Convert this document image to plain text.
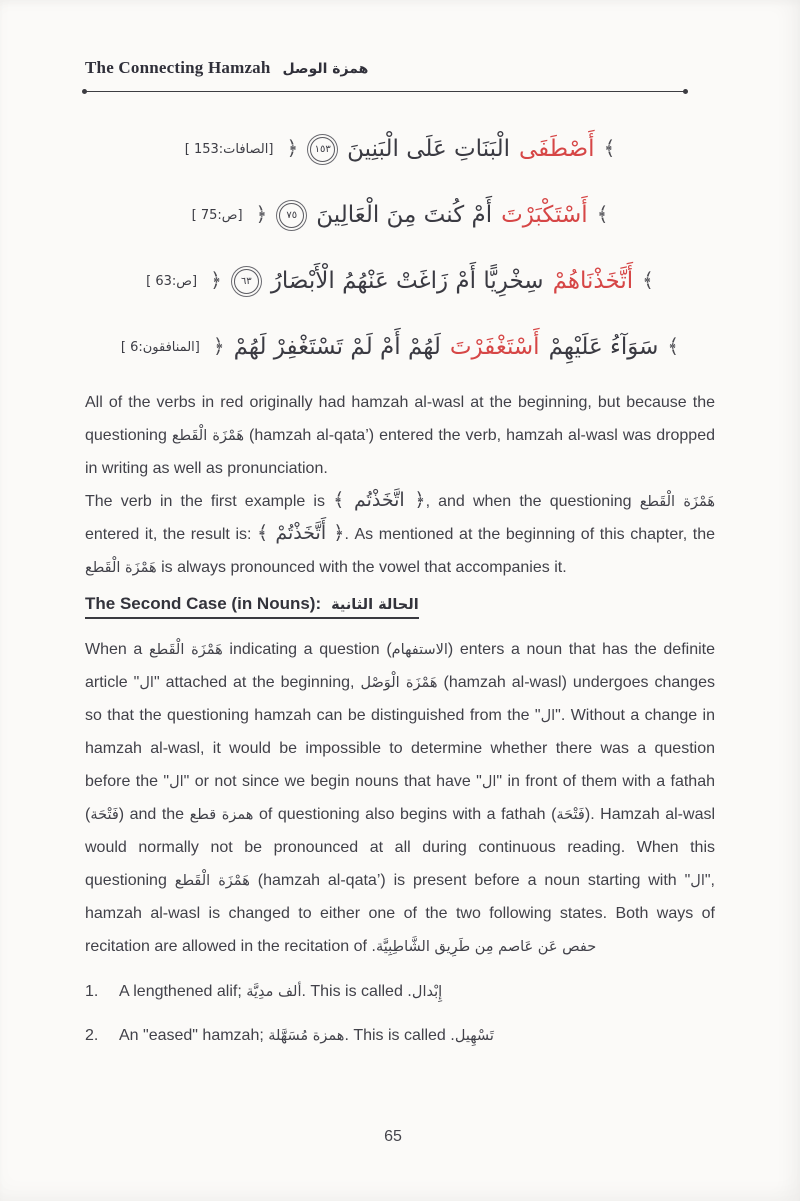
The Connecting Hamzah همزة الوصل
﴾
أَصْطَفَى
الْبَنَاتِ عَلَى الْبَنِينَ
١٥٣
﴿
[الصافات:153 ]
﴾
أَسْتَكْبَرْتَ
أَمْ كُنتَ مِنَ الْعَالِينَ
٧٥
﴿
[ص:75 ]
﴾
أَتَّخَذْنَاهُمْ
سِخْرِيًّا أَمْ زَاغَتْ عَنْهُمُ الْأَبْصَارُ
٦٣
﴿
[ص:63 ]
﴾
سَوَآءُ عَلَيْهِمْ
أَسْتَغْفَرْتَ
لَهُمْ أَمْ لَمْ تَسْتَغْفِرْ لَهُمْ
﴿
[المنافقون:6 ]

All of the verbs in red originally had hamzah al-wasl at the beginning, but because the questioning هَمْزَة الْقَطع (hamzah al-qata’) entered the verb, hamzah al-wasl was dropped in writing as well as pronunciation.

The verb in the first example is ﴿ اتَّخَذْتُم ﴾, and when the questioning هَمْزَة الْقَطع entered it, the result is: ﴿ أَتَّخَذْتُمْ ﴾. As mentioned at the beginning of this chapter, the هَمْزَة الْقَطع is always pronounced with the vowel that accompanies it.

The Second Case (in Nouns): الحالة الثانية

When a هَمْزَة الْقَطع indicating a question (الاستفهام) enters a noun that has the definite article "ال" attached at the beginning, هَمْزَة الْوَصْل (hamzah al-wasl) undergoes changes so that the questioning hamzah can be distinguished from the "ال". Without a change in hamzah al-wasl, it would be impossible to determine whether there was a question before the "ال" or not since we begin nouns that have "ال" in front of them with a fathah (فَتْحَة) and the همزة قطع of questioning also begins with a fathah (فَتْحَة). Hamzah al-wasl would normally not be pronounced at all during continuous reading. When this questioning هَمْزَة الْقَطع (hamzah al-qata’) is present before a noun starting with "ال", hamzah al-wasl is changed to either one of the two following states. Both ways of recitation are allowed in the recitation of حفص عَن عَاصم مِن طَرِيق الشَّاطِبِيَّة.

1.	A lengthened alif; ألف مدِيَّة. This is called إِبْدال.
2.	An "eased" hamzah; همزة مُسَهَّلة. This is called تَسْهِيل.
65
